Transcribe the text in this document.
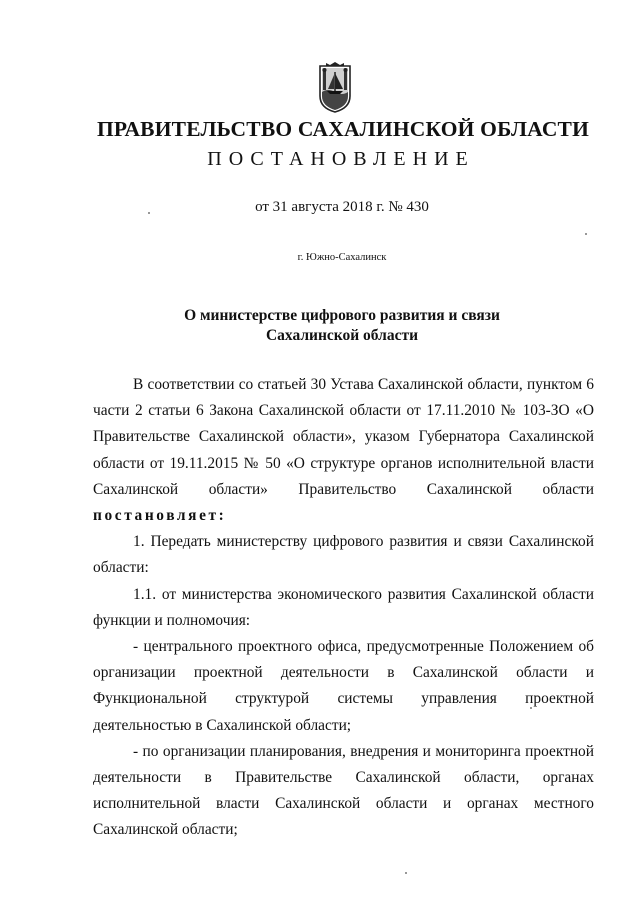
ПРАВИТЕЛЬСТВО САХАЛИНСКОЙ ОБЛАСТИ
ПОСТАНОВЛЕНИЕ
от 31 августа 2018 г. № 430
г. Южно-Сахалинск
О министерстве цифрового развития и связи
Сахалинской области

В соответствии со статьей 30 Устава Сахалинской области, пунктом 6 части 2 статьи 6 Закона Сахалинской области от 17.11.2010 № 103-ЗО «О Правительстве Сахалинской области», указом Губернатора Сахалинской области от 19.11.2015 № 50 «О структуре органов исполнительной власти Сахалинской области» Правительство Сахалинской области постановляет:

1. Передать министерству цифрового развития и связи Сахалинской области:

1.1. от министерства экономического развития Сахалинской области функции и полномочия:

- центрального проектного офиса, предусмотренные Положением об организации проектной деятельности в Сахалинской области и Функциональной структурой системы управления проектной деятельностью в Сахалинской области;

- по организации планирования, внедрения и мониторинга проектной деятельности в Правительстве Сахалинской области, органах исполнительной власти Сахалинской области и органах местного Сахалинской области;
